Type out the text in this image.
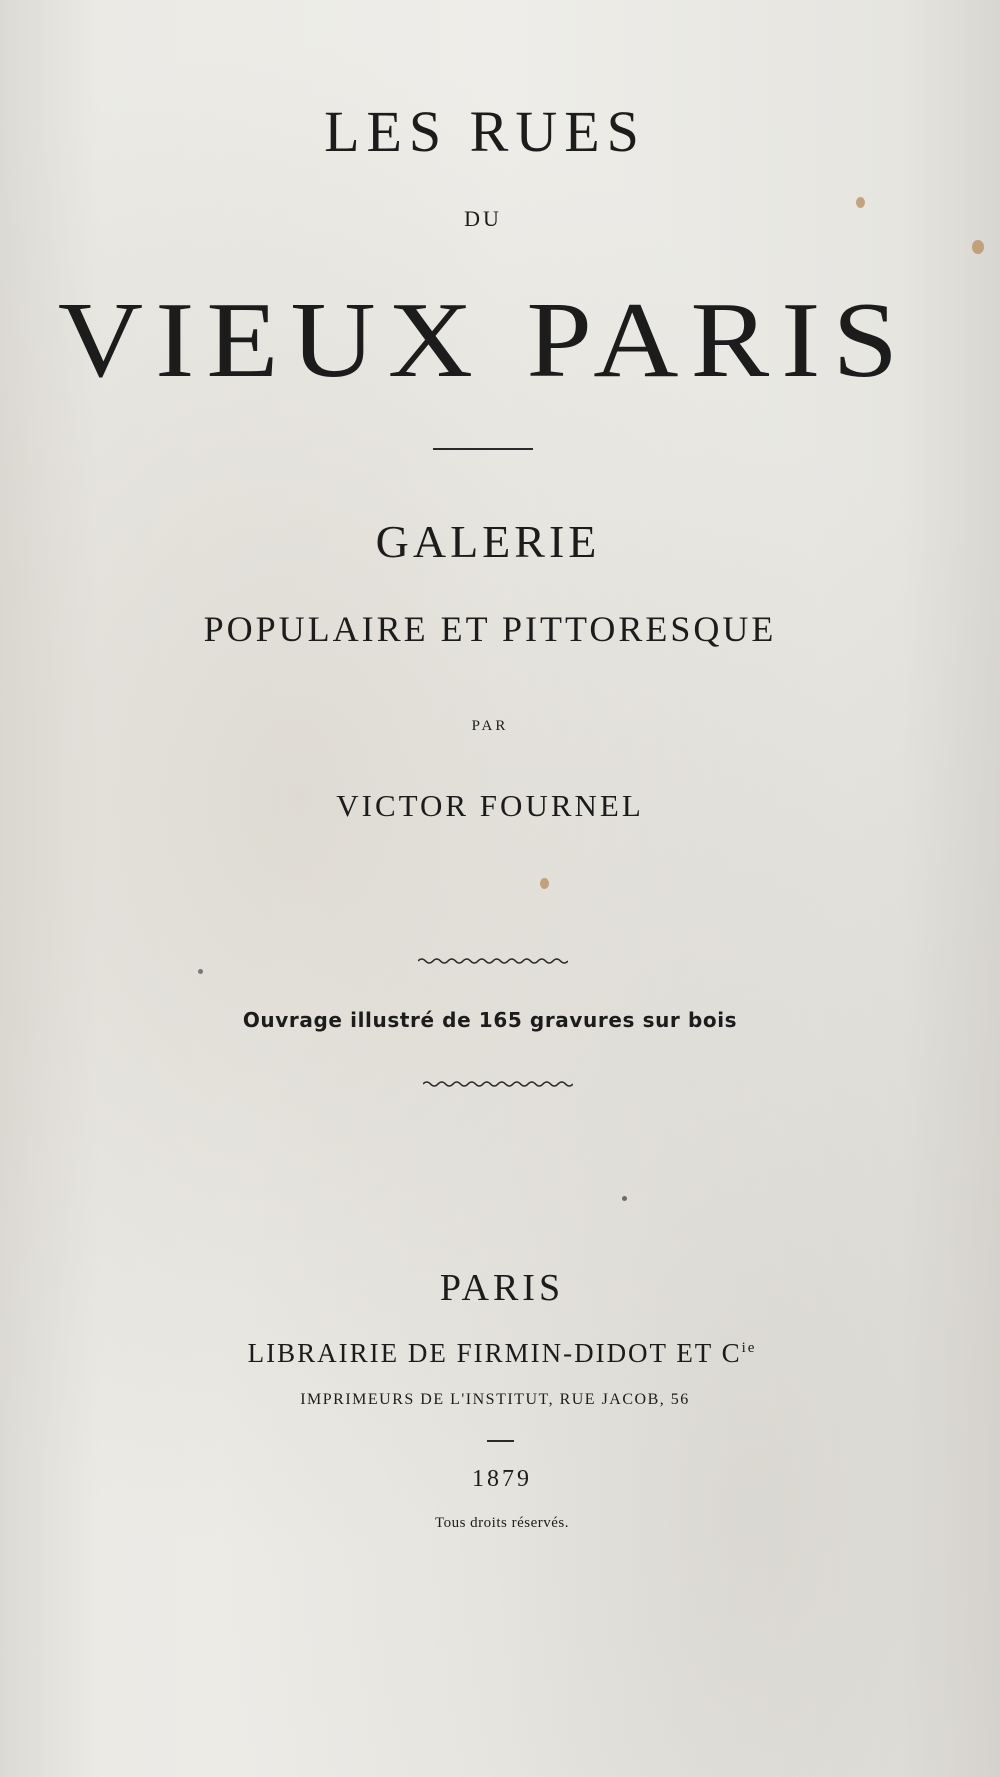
LES RUES
DU
VIEUX PARIS
GALERIE
POPULAIRE ET PITTORESQUE
PAR
VICTOR FOURNEL
Ouvrage illustré de 165 gravures sur bois
PARIS
LIBRAIRIE DE FIRMIN-DIDOT ET $C^{ie}$
IMPRIMEURS DE L'INSTITUT, RUE JACOB, 56
1879
Tous droits réservés.
